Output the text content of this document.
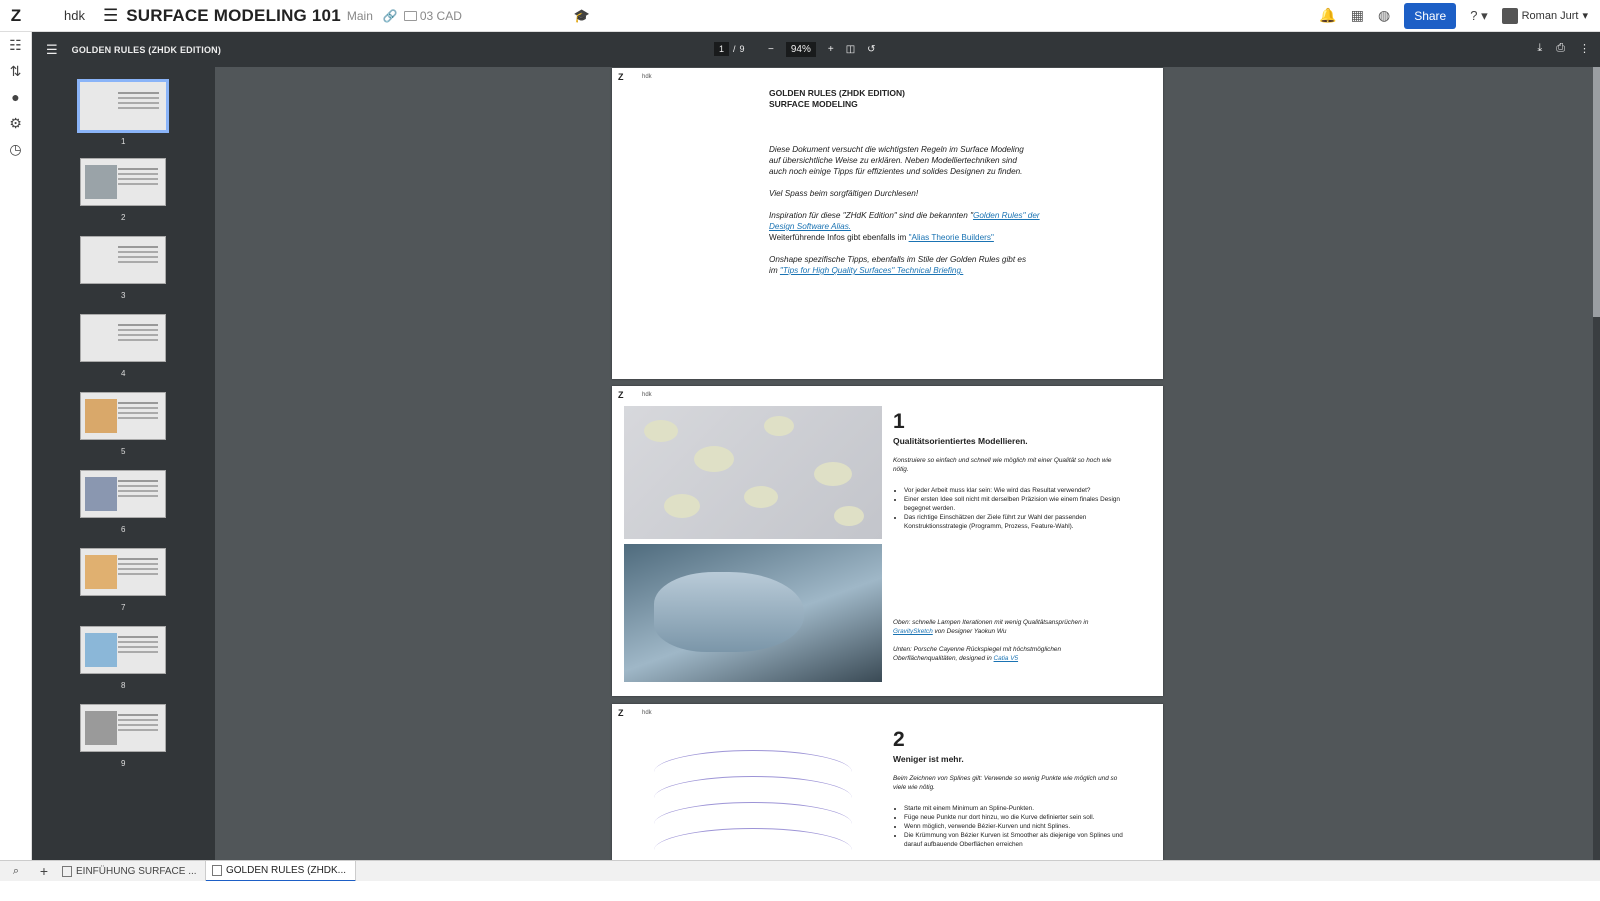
Z	hdk ☰ SURFACE MODELING 101 Main 🔗	03 CAD	🎓	🔔 ▦ ◍	Share	? ▾	Roman Jurt ▾
☷
⇅
●
⚙
◷
☰ GOLDEN RULES (ZHDK EDITION)	1	/ 9 −	94%	+ ◫ ↺	⤓ ⎙ ⋮
1
2
3
4
5
6
7
8
9
Z	hdk
GOLDEN RULES (ZHDK EDITION)
SURFACE MODELING
Diese Dokument versucht die wichtigsten Regeln im Surface Modeling
auf übersichtliche Weise zu erklären. Neben Modelliertechniken sind
auch noch einige Tipps für effizientes und solides Designen zu finden.
Viel Spass beim sorgfältigen Durchlesen!
Inspiration für diese "ZHdK Edition" sind die bekannten "Golden Rules" der Design Software Alias.
Weiterführende Infos gibt ebenfalls im "Alias Theorie Builders"
Onshape spezifische Tipps, ebenfalls im Stile der Golden Rules gibt es
im "Tips for High Quality Surfaces" Technical Briefing.
Z	hdk
1
Qualitätsorientiertes Modellieren.
Konstruiere so einfach und schnell wie möglich mit einer Qualität so hoch wie nötig.
• Vor jeder Arbeit muss klar sein: Wie wird das Resultat verwendet?
• Einer ersten Idee soll nicht mit derselben Präzision wie einem finales Design begegnet werden.
• Das richtige Einschätzen der Ziele führt zur Wahl der passenden Konstruktionsstrategie (Programm, Prozess, Feature-Wahl).
Oben: schnelle Lampen Iterationen mit wenig Qualitätsansprüchen in GravitySketch von Designer Yaokun Wu
Unten: Porsche Cayenne Rückspiegel mit höchstmöglichen Oberflächenqualitäten, designed in Catia V5
Z	hdk
2
Weniger ist mehr.
Beim Zeichnen von Splines gilt: Verwende so wenig Punkte wie möglich und so viele wie nötig.
• Starte mit einem Minimum an Spline-Punkten.
• Füge neue Punkte nur dort hinzu, wo die Kurve definierter sein soll.
• Wenn möglich, verwende Bézier-Kurven und nicht Splines.
• Die Krümmung von Bézier Kurven ist Smoother als diejenige von Splines und darauf aufbauende Oberflächen erreichen
⌕	+	EINFÜHUNG SURFACE ...	GOLDEN RULES (ZHDK...
